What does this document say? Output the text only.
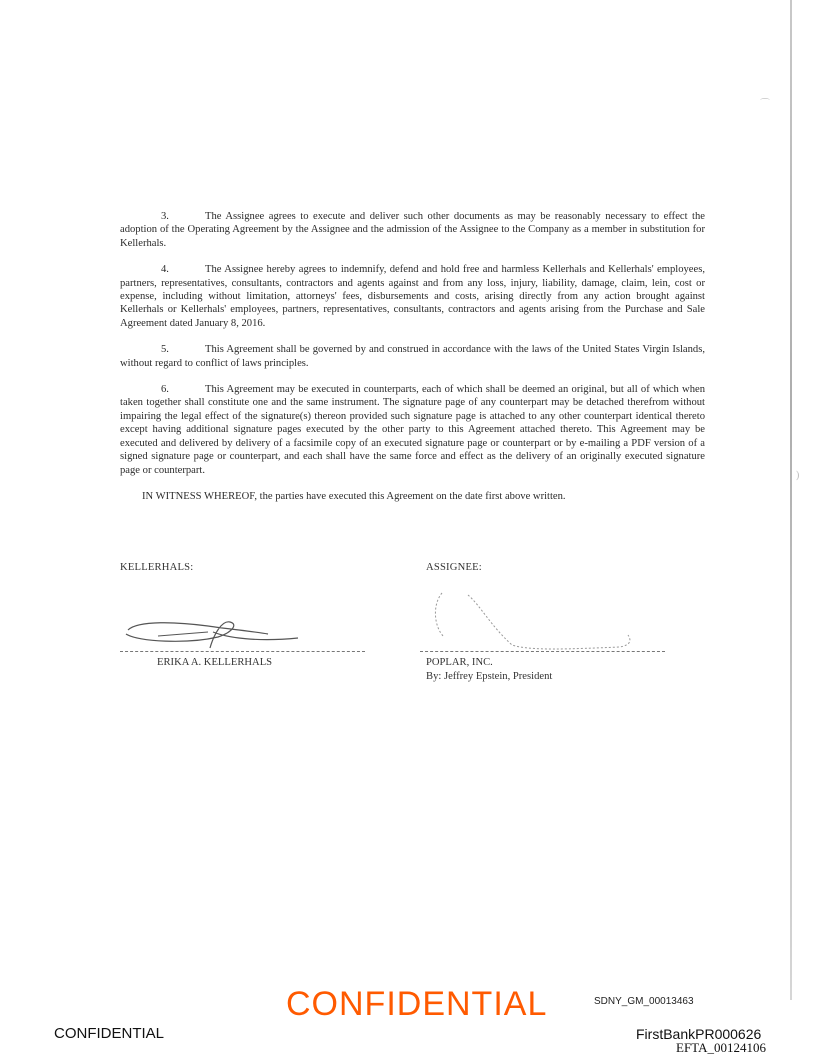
⌒
)

3.	The Assignee agrees to execute and deliver such other documents as may be reasonably necessary to effect the adoption of the Operating Agreement by the Assignee and the admission of the Assignee to the Company as a member in substitution for Kellerhals.

4.	The Assignee hereby agrees to indemnify, defend and hold free and harmless Kellerhals and Kellerhals' employees, partners, representatives, consultants, contractors and agents against and from any loss, injury, liability, damage, claim, lein, cost or expense, including without limitation, attorneys' fees, disbursements and costs, arising directly from any action brought against Kellerhals or Kellerhals' employees, partners, representatives, consultants, contractors and agents arising from the Purchase and Sale Agreement dated January 8, 2016.

5.	This Agreement shall be governed by and construed in accordance with the laws of the United States Virgin Islands, without regard to conflict of laws principles.

6.	This Agreement may be executed in counterparts, each of which shall be deemed an original, but all of which when taken together shall constitute one and the same instrument. The signature page of any counterpart may be detached therefrom without impairing the legal effect of the signature(s) thereon provided such signature page is attached to any other counterpart identical thereto except having additional signature pages executed by the other party to this Agreement attached thereto. This Agreement may be executed and delivered by delivery of a facsimile copy of an executed signature page or counterpart or by e-mailing a PDF version of a signed signature page or counterpart, and each shall have the same force and effect as the delivery of an originally executed signature page or counterpart.

IN WITNESS WHEREOF, the parties have executed this Agreement on the date first above written.

KELLERHALS:
ERIKA A. KELLERHALS
ASSIGNEE:
POPLAR, INC.
By: Jeffrey Epstein, President
CONFIDENTIAL
CONFIDENTIAL
SDNY_GM_00013463
FirstBankPR000626
EFTA_00124106
